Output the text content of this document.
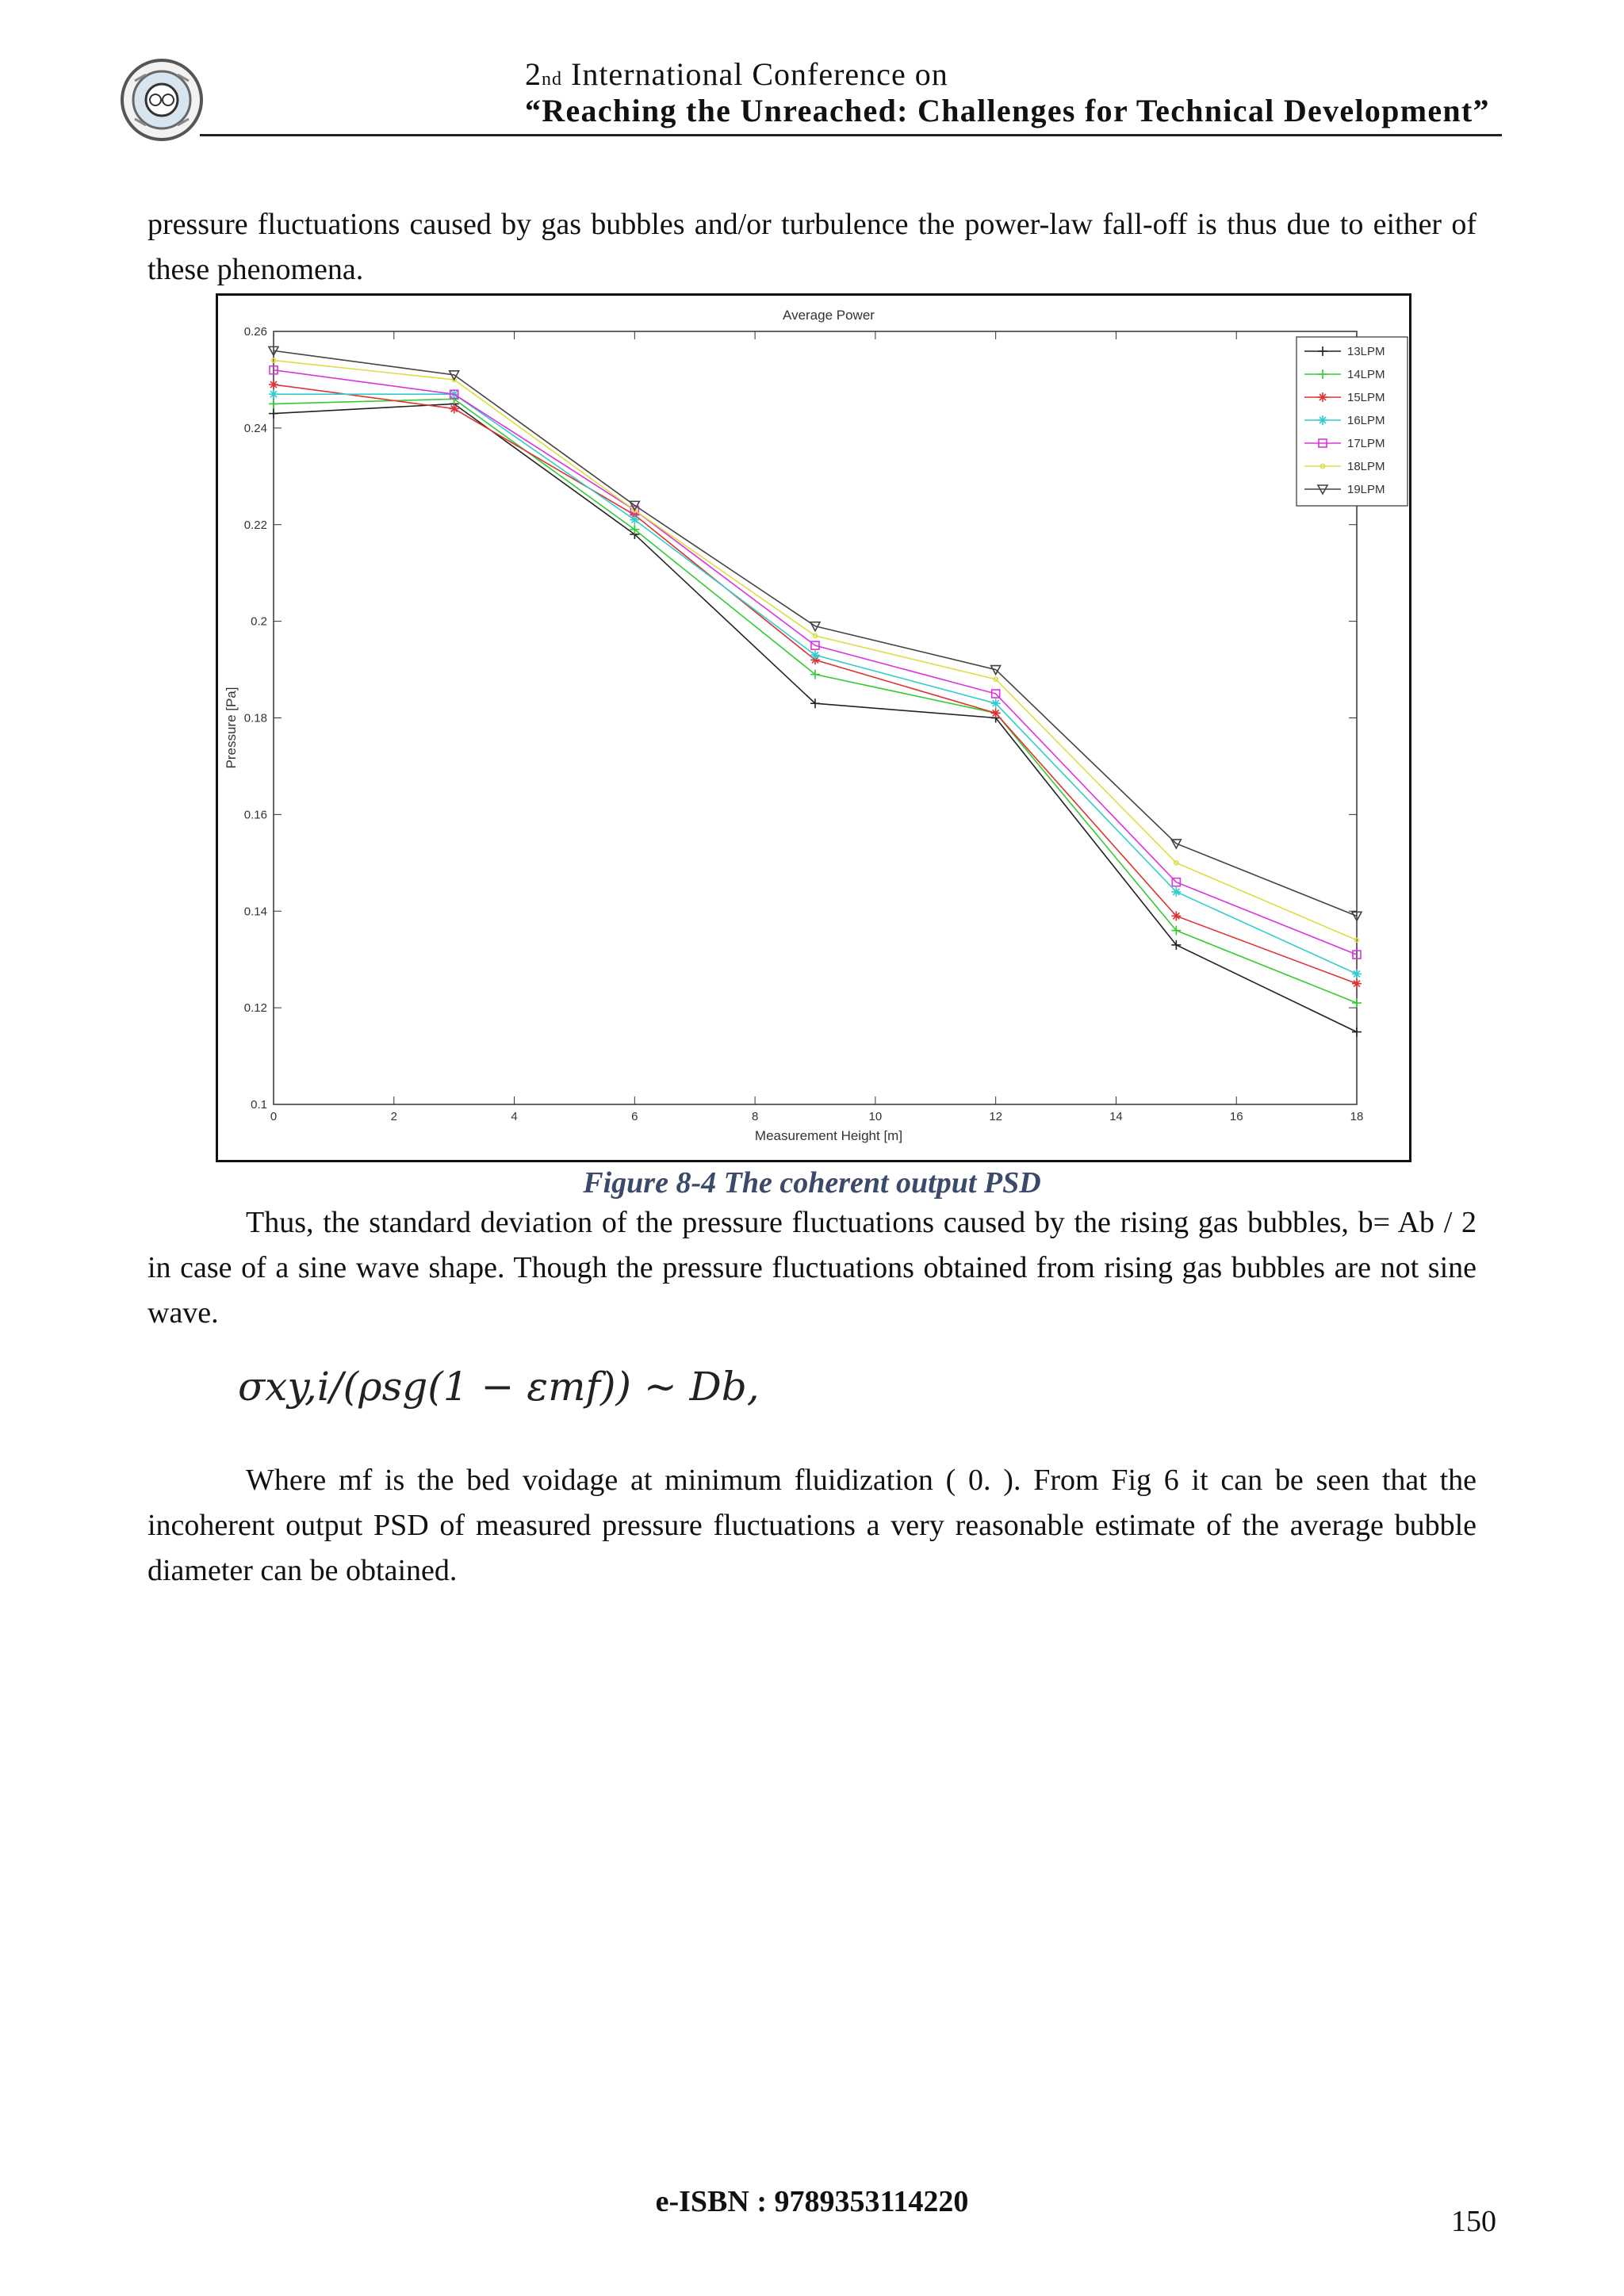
2nd International Conference on
“Reaching the Unreached: Challenges for Technical Development”
pressure fluctuations caused by gas bubbles and/or turbulence the power-law fall-off is thus due to either of these phenomena.
Average Power
Measurement Height [m]
Pressure [Pa]
0	2	4	6	8	10	12	14	16	18
0.1
0.12
0.14
0.16
0.18
0.2
0.22
0.24
0.26
13LPM
14LPM
15LPM
16LPM
17LPM
18LPM
19LPM
Figure 8-4 The coherent output PSD
Thus, the standard deviation of the pressure fluctuations caused by the rising gas bubbles, b= Ab / 2 in case of a sine wave shape. Though the pressure fluctuations obtained from rising gas bubbles are not sine wave.
σxy,i/(ρsg(1 − εmf)) ~ Db,
Where mf is the bed voidage at minimum fluidization ( 0. ). From Fig 6 it can be seen that the incoherent output PSD of measured pressure fluctuations a very reasonable estimate of the average bubble diameter can be obtained.
e-ISBN : 9789353114220
150
